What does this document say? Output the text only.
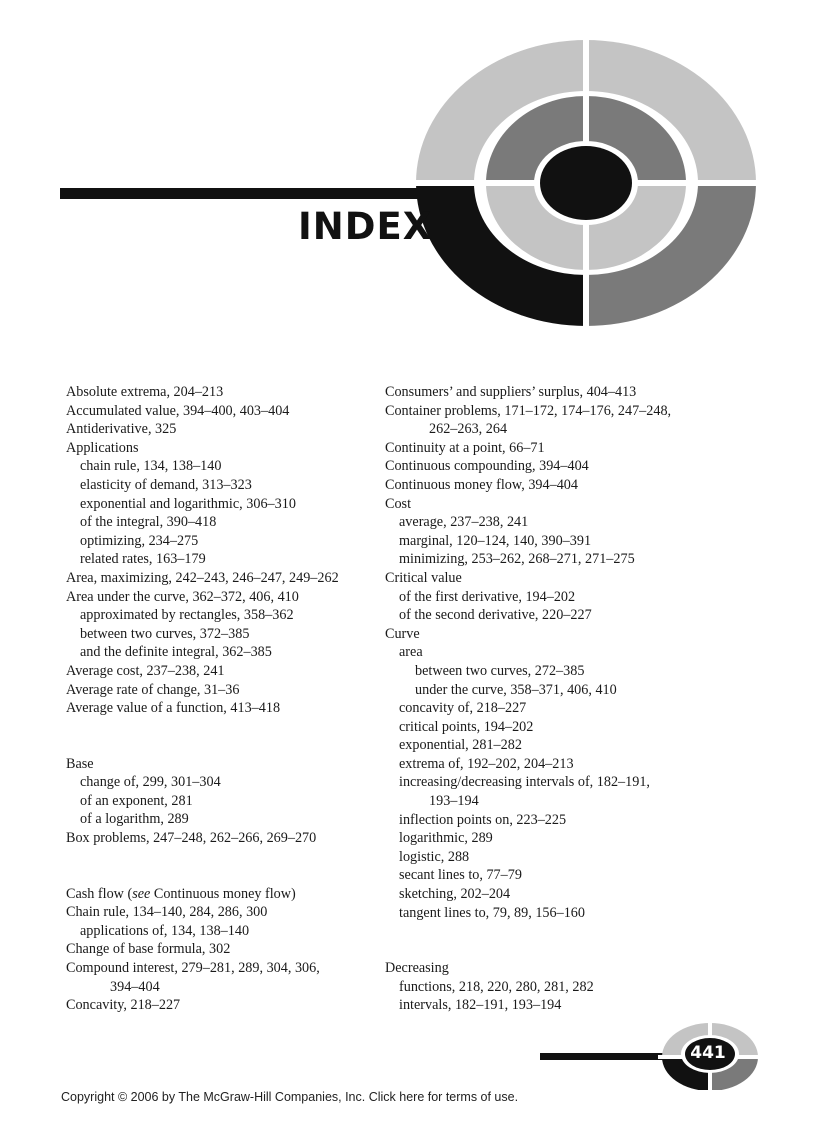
INDEX
Absolute extrema, 204–213
Accumulated value, 394–400, 403–404
Antiderivative, 325
Applications
chain rule, 134, 138–140
elasticity of demand, 313–323
exponential and logarithmic, 306–310
of the integral, 390–418
optimizing, 234–275
related rates, 163–179
Area, maximizing, 242–243, 246–247, 249–262
Area under the curve, 362–372, 406, 410
approximated by rectangles, 358–362
between two curves, 372–385
and the definite integral, 362–385
Average cost, 237–238, 241
Average rate of change, 31–36
Average value of a function, 413–418
Base
change of, 299, 301–304
of an exponent, 281
of a logarithm, 289
Box problems, 247–248, 262–266, 269–270
Cash flow (see Continuous money flow)
Chain rule, 134–140, 284, 286, 300
applications of, 134, 138–140
Change of base formula, 302
Compound interest, 279–281, 289, 304, 306,
394–404
Concavity, 218–227
Consumers’ and suppliers’ surplus, 404–413
Container problems, 171–172, 174–176, 247–248,
262–263, 264
Continuity at a point, 66–71
Continuous compounding, 394–404
Continuous money flow, 394–404
Cost
average, 237–238, 241
marginal, 120–124, 140, 390–391
minimizing, 253–262, 268–271, 271–275
Critical value
of the first derivative, 194–202
of the second derivative, 220–227
Curve
area
between two curves, 272–385
under the curve, 358–371, 406, 410
concavity of, 218–227
critical points, 194–202
exponential, 281–282
extrema of, 192–202, 204–213
increasing/decreasing intervals of, 182–191,
193–194
inflection points on, 223–225
logarithmic, 289
logistic, 288
secant lines to, 77–79
sketching, 202–204
tangent lines to, 79, 89, 156–160
Decreasing
functions, 218, 220, 280, 281, 282
intervals, 182–191, 193–194
441
Copyright © 2006 by The McGraw-Hill Companies, Inc. Click here for terms of use.
